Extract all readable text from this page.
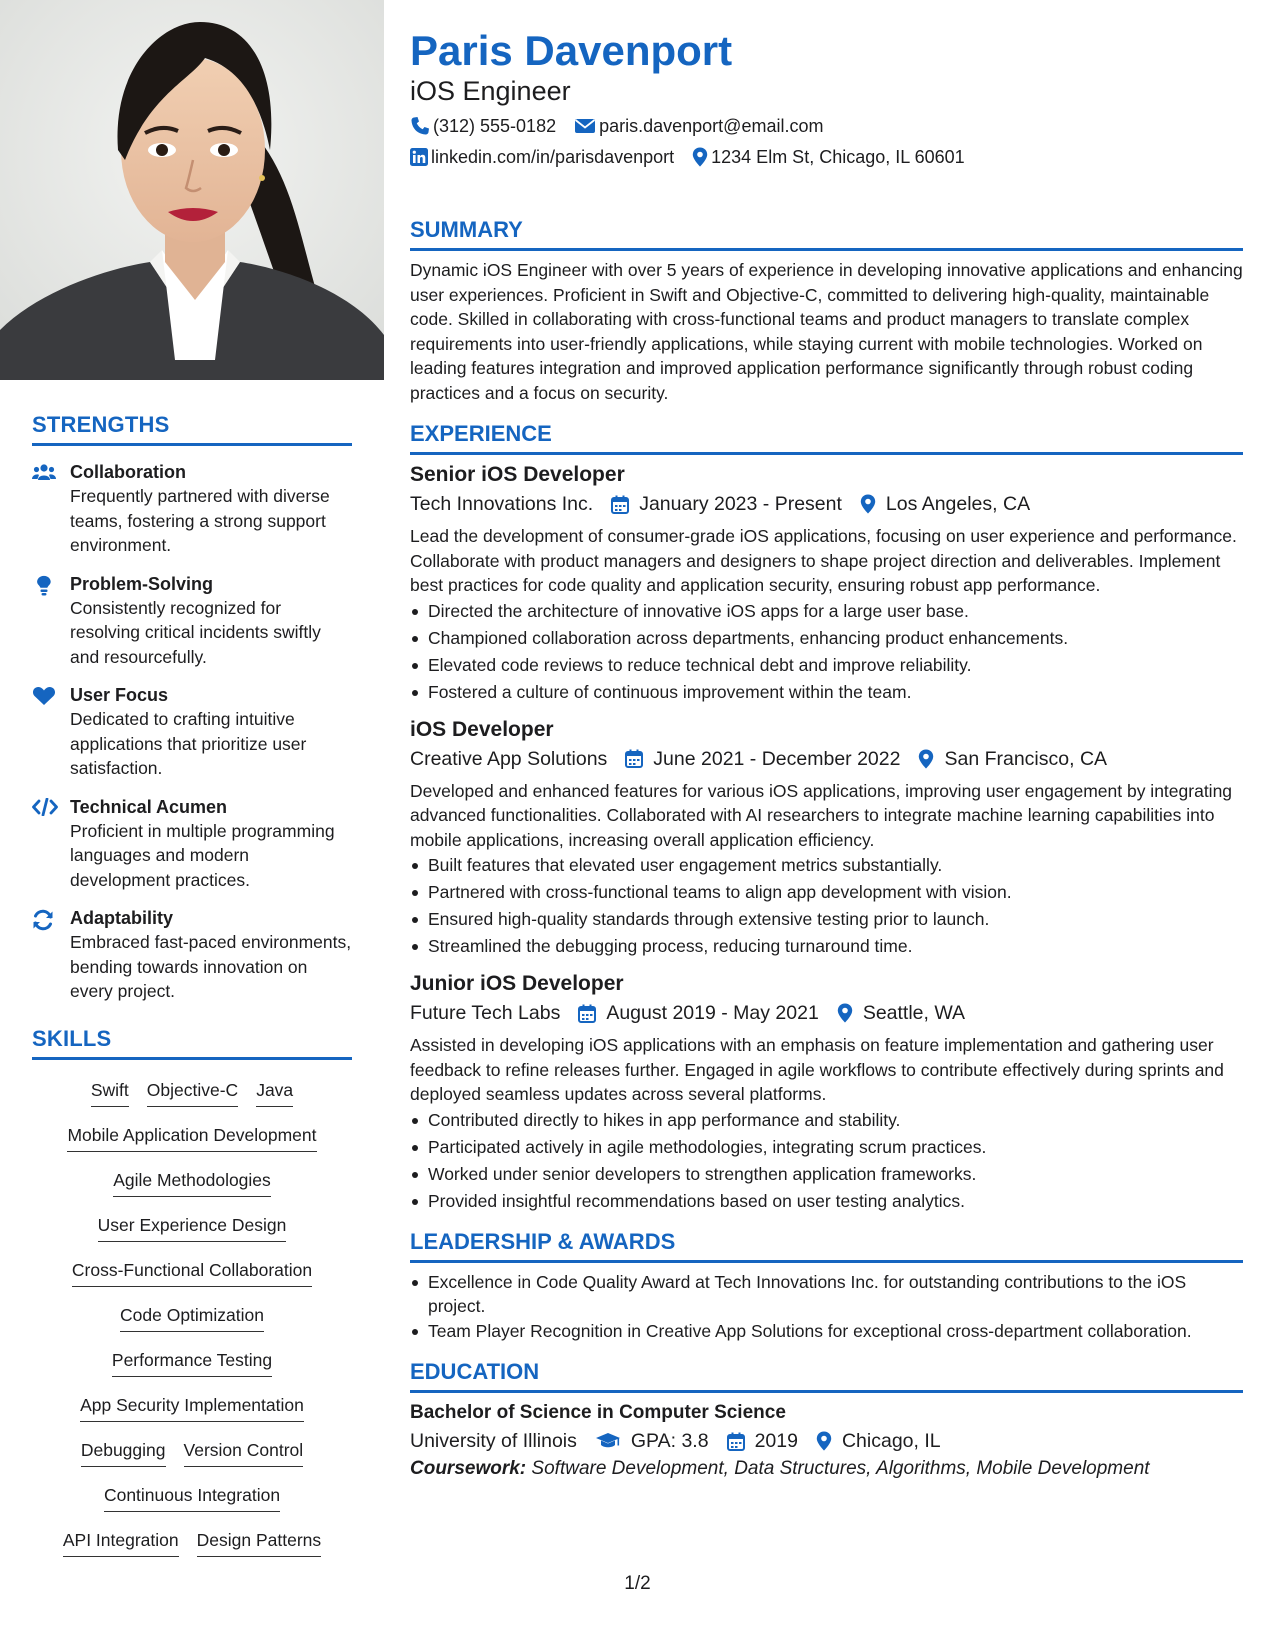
STRENGTHS
Collaboration
Frequently partnered with diverse teams, fostering a strong support environment.
Problem-Solving
Consistently recognized for resolving critical incidents swiftly and resourcefully.
User Focus
Dedicated to crafting intuitive applications that prioritize user satisfaction.
Technical Acumen
Proficient in multiple programming languages and modern development practices.
Adaptability
Embraced fast-paced environments, bending towards innovation on every project.
SKILLS
Swift Objective-C Java
Mobile Application Development
Agile Methodologies
User Experience Design
Cross-Functional Collaboration
Code Optimization
Performance Testing
App Security Implementation
Debugging Version Control
Continuous Integration
API Integration Design Patterns
Paris Davenport
iOS Engineer
(312) 555-0182 paris.davenport@email.com
linkedin.com/in/parisdavenport 1234 Elm St, Chicago, IL 60601
SUMMARY
Dynamic iOS Engineer with over 5 years of experience in developing innovative applications and enhancing user experiences. Proficient in Swift and Objective-C, committed to delivering high-quality, maintainable code. Skilled in collaborating with cross-functional teams and product managers to translate complex requirements into user-friendly applications, while staying current with mobile technologies. Worked on leading features integration and improved application performance significantly through robust coding practices and a focus on security.
EXPERIENCE
Senior iOS Developer
Tech Innovations Inc. January 2023 - Present Los Angeles, CA
Lead the development of consumer-grade iOS applications, focusing on user experience and performance. Collaborate with product managers and designers to shape project direction and deliverables. Implement best practices for code quality and application security, ensuring robust app performance.
Directed the architecture of innovative iOS apps for a large user base.
Championed collaboration across departments, enhancing product enhancements.
Elevated code reviews to reduce technical debt and improve reliability.
Fostered a culture of continuous improvement within the team.
iOS Developer
Creative App Solutions June 2021 - December 2022 San Francisco, CA
Developed and enhanced features for various iOS applications, improving user engagement by integrating advanced functionalities. Collaborated with AI researchers to integrate machine learning capabilities into mobile applications, increasing overall application efficiency.
Built features that elevated user engagement metrics substantially.
Partnered with cross-functional teams to align app development with vision.
Ensured high-quality standards through extensive testing prior to launch.
Streamlined the debugging process, reducing turnaround time.
Junior iOS Developer
Future Tech Labs August 2019 - May 2021 Seattle, WA
Assisted in developing iOS applications with an emphasis on feature implementation and gathering user feedback to refine releases further. Engaged in agile workflows to contribute effectively during sprints and deployed seamless updates across several platforms.
Contributed directly to hikes in app performance and stability.
Participated actively in agile methodologies, integrating scrum practices.
Worked under senior developers to strengthen application frameworks.
Provided insightful recommendations based on user testing analytics.
LEADERSHIP & AWARDS
Excellence in Code Quality Award at Tech Innovations Inc. for outstanding contributions to the iOS project.
Team Player Recognition in Creative App Solutions for exceptional cross-department collaboration.
EDUCATION
Bachelor of Science in Computer Science
University of Illinois	GPA: 3.8 2019 Chicago, IL
Coursework: Software Development, Data Structures, Algorithms, Mobile Development
1/2
